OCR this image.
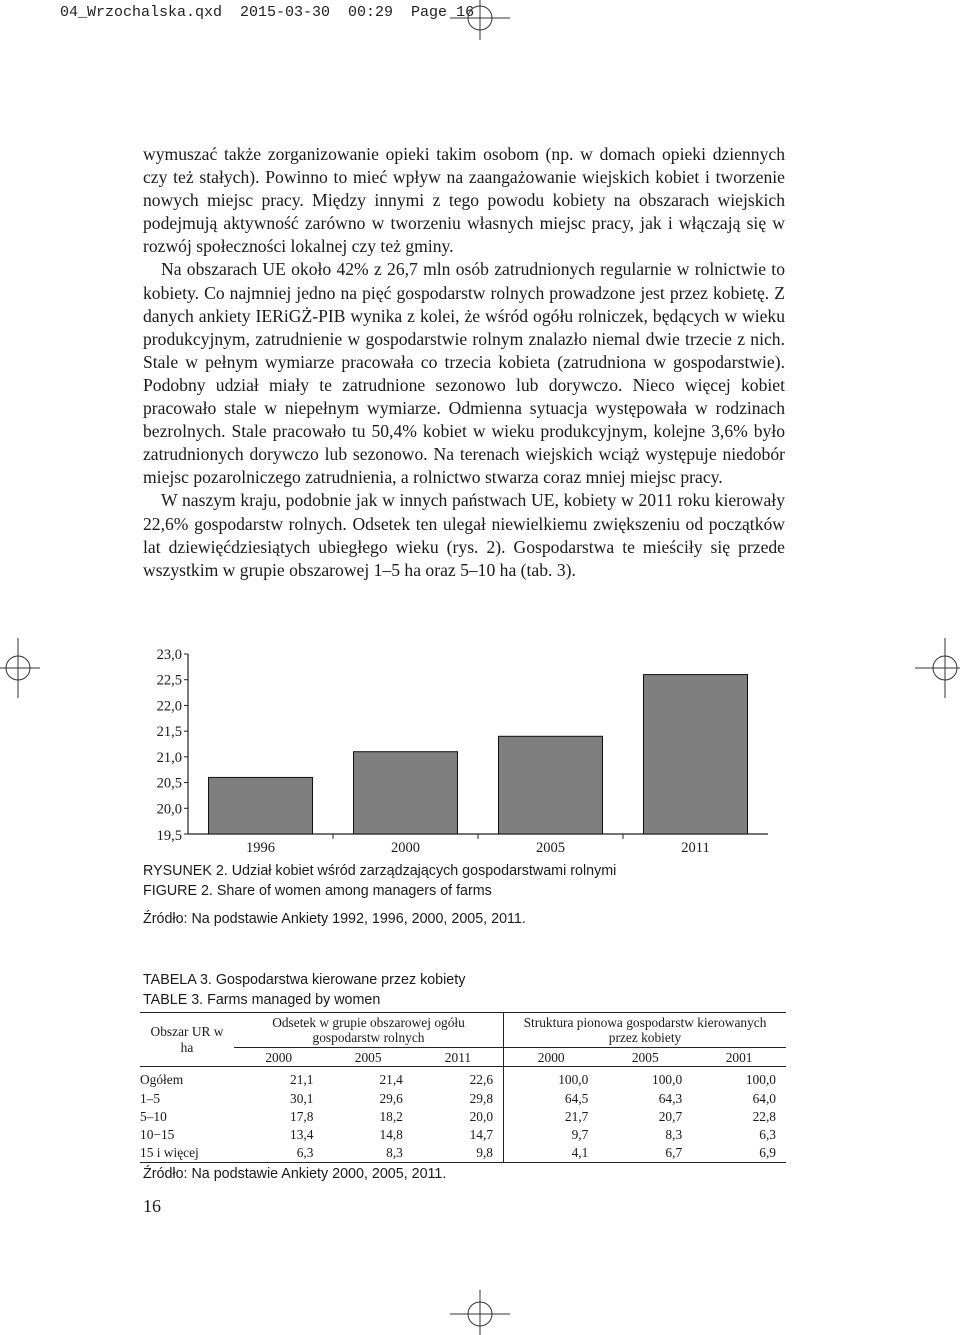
04_Wrzochalska.qxd  2015-03-30  00:29  Page 16

wymuszać także zorganizowanie opieki takim osobom (np. w domach opieki dziennych czy też stałych). Powinno to mieć wpływ na zaangażowanie wiejskich kobiet i tworzenie nowych miejsc pracy. Między innymi z tego powodu kobiety na obszarach wiejskich podejmują aktywność zarówno w tworzeniu własnych miejsc pracy, jak i włączają się w rozwój społeczności lokalnej czy też gminy.

Na obszarach UE około 42% z 26,7 mln osób zatrudnionych regularnie w rolnictwie to kobiety. Co najmniej jedno na pięć gospodarstw rolnych prowadzone jest przez kobietę. Z danych ankiety IERiGŻ-PIB wynika z kolei, że wśród ogółu rolniczek, będących w wieku produkcyjnym, zatrudnienie w gospodarstwie rolnym znalazło niemal dwie trzecie z nich. Stale w pełnym wymiarze pracowała co trzecia kobieta (zatrudniona w gospodarstwie). Podobny udział miały te zatrudnione sezonowo lub dorywczo. Nieco więcej kobiet pracowało stale w niepełnym wymiarze. Odmienna sytuacja występowała w rodzinach bezrolnych. Stale pracowało tu 50,4% kobiet w wieku produkcyjnym, kolejne 3,6% było zatrudnionych dorywczo lub sezonowo. Na terenach wiejskich wciąż występuje niedobór miejsc pozarolniczego zatrudnienia, a rolnictwo stwarza coraz mniej miejsc pracy.

W naszym kraju, podobnie jak w innych państwach UE, kobiety w 2011 roku kierowały 22,6% gospodarstw rolnych. Odsetek ten ulegał niewielkiemu zwiększeniu od początków lat dziewięćdziesiątych ubiegłego wieku (rys. 2). Gospodarstwa te mieściły się przede wszystkim w grupie obszarowej 1–5 ha oraz 5–10 ha (tab. 3).

19,5
20,0
20,5
21,0
21,5
22,0
22,5
23,0
1996	2000	2005	2011
RYSUNEK 2. Udział kobiet wśród zarządzających gospodarstwami rolnymi
FIGURE 2. Share of women among managers of farms
Źródło: Na podstawie Ankiety 1992, 1996, 2000, 2005, 2011.
TABELA 3. Gospodarstwa kierowane przez kobiety
TABLE 3. Farms managed by women
Obszar UR w ha	Odsetek w grupie obszarowej ogółu gospodarstw rolnych			Struktura pionowa gospodarstw kierowanych przez kobiety		
	2000	2005	2011	2000	2005	2001
Ogółem	21,1	21,4	22,6	100,0	100,0	100,0
1–5	30,1	29,6	29,8	64,5	64,3	64,0
5–10	17,8	18,2	20,0	21,7	20,7	22,8
10−15	13,4	14,8	14,7	9,7	8,3	6,3
15 i więcej	6,3	8,3	9,8	4,1	6,7	6,9
Źródło: Na podstawie Ankiety 2000, 2005, 2011.
16
